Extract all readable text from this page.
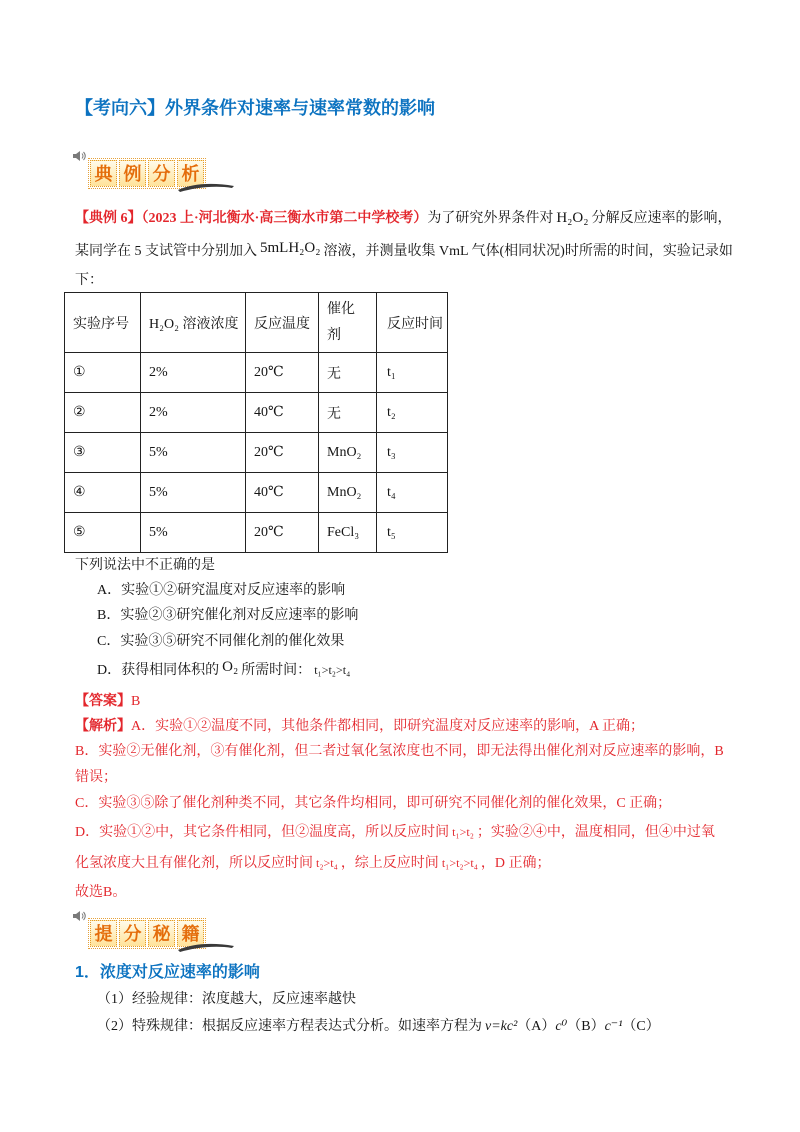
【考向六】外界条件对速率与速率常数的影响
典 例 分 析
【典例 6】（2023 上·河北衡水·高三衡水市第二中学校考）为了研究外界条件对 H₂O₂ 分解反应速率的影响，
某同学在 5 支试管中分别加入 5mLH₂O₂ 溶液，并测量收集 VmL 气体(相同状况)时所需的时间，实验记录如
下：
实验序号	H₂O₂ 溶液浓度	反应温度	催化剂	反应时间
①	2%	20℃	无	t₁
②	2%	40℃	无	t₂
③	5%	20℃	MnO₂	t₃
④	5%	40℃	MnO₂	t₄
⑤	5%	20℃	FeCl₃	t₅
下列说法中不正确的是
A．实验①②研究温度对反应速率的影响
B．实验②③研究催化剂对反应速率的影响
C．实验③⑤研究不同催化剂的催化效果
D．获得相同体积的 O₂ 所需时间： t₁>t₂>t₄
【答案】B
【解析】A．实验①②温度不同，其他条件都相同，即研究温度对反应速率的影响，A 正确；
B．实验②无催化剂，③有催化剂，但二者过氧化氢浓度也不同，即无法得出催化剂对反应速率的影响，B
错误；
C．实验③⑤除了催化剂种类不同，其它条件均相同，即可研究不同催化剂的催化效果，C 正确；
D．实验①②中，其它条件相同，但②温度高，所以反应时间 t₁>t₂ ；实验②④中，温度相同，但④中过氧
化氢浓度大且有催化剂，所以反应时间 t₂>t₄ ，综上反应时间 t₁>t₂>t₄ ，D 正确；
故选B。
提 分 秘 籍
1．浓度对反应速率的影响
（1）经验规律：浓度越大，反应速率越快
（2）特殊规律：根据反应速率方程表达式分析。如速率方程为 v=kc²（A）c⁰（B）c⁻¹（C）
